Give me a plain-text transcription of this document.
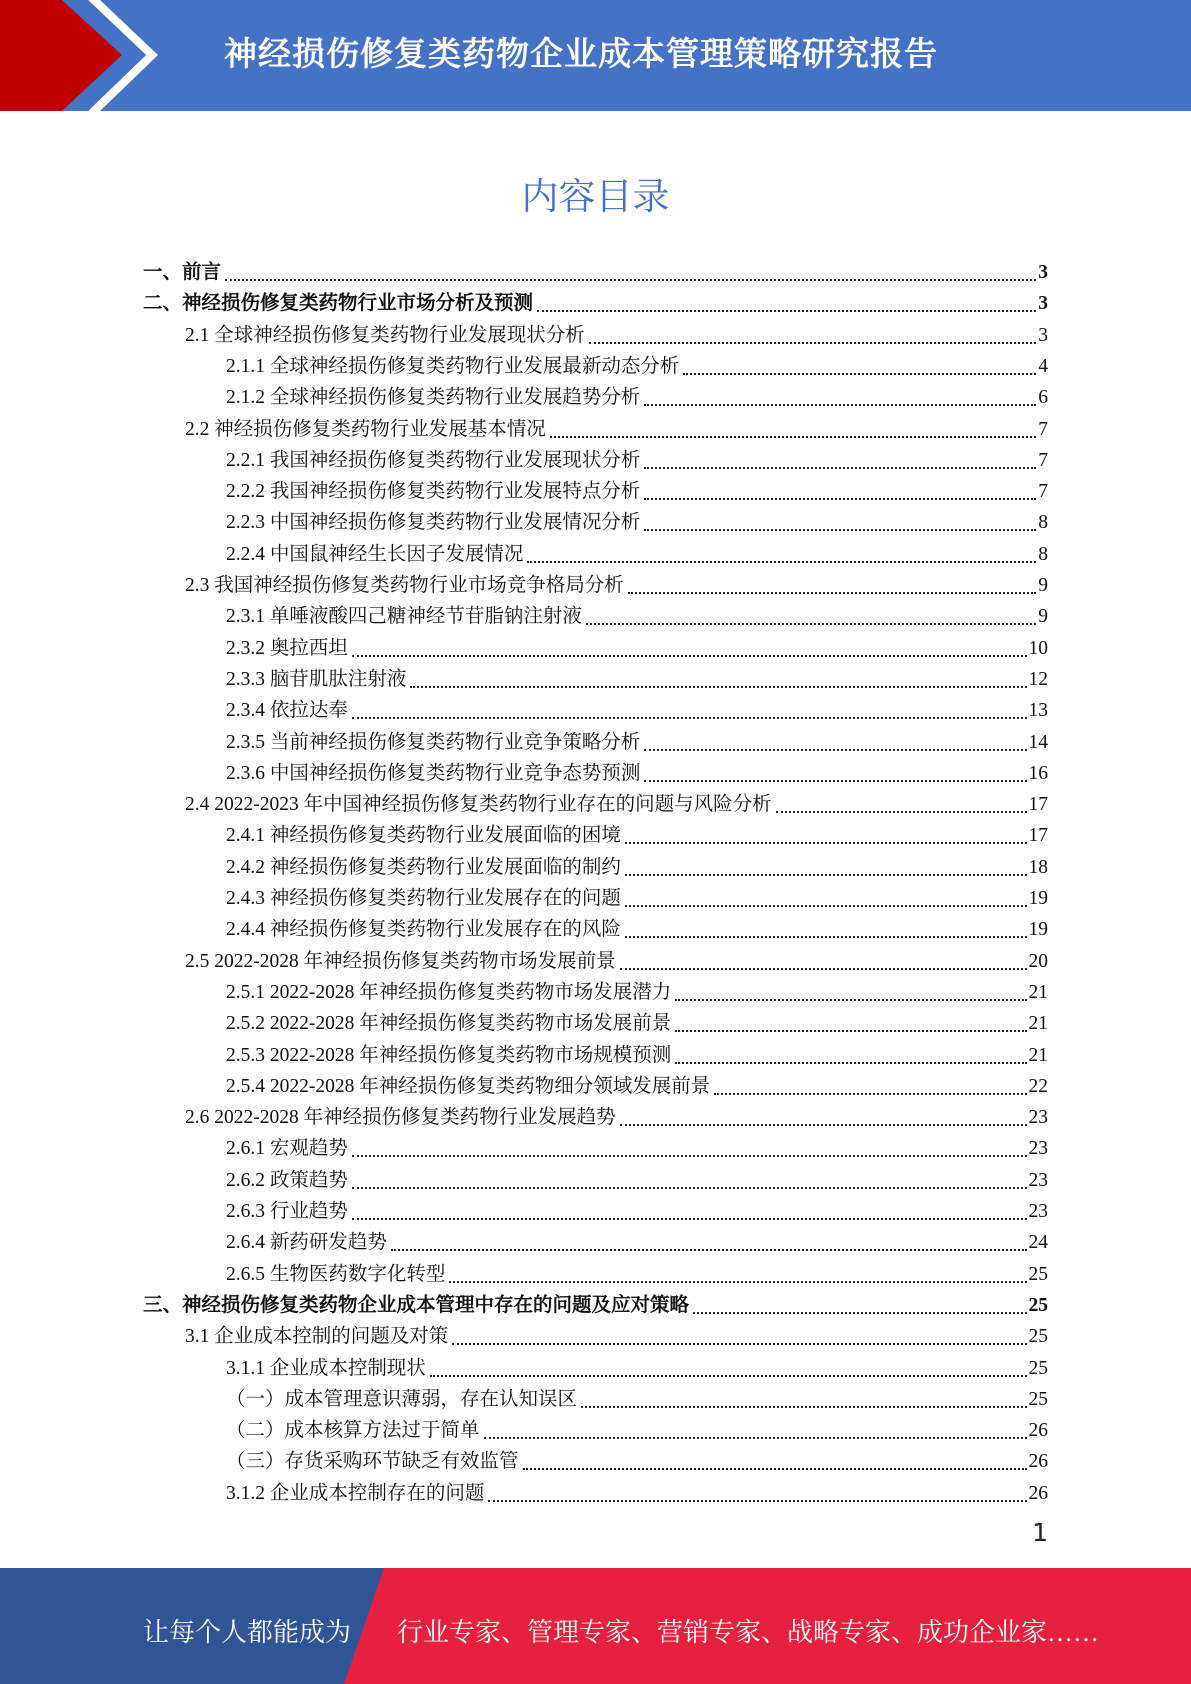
神经损伤修复类药物企业成本管理策略研究报告
内容目录
一、前言	3
二、神经损伤修复类药物行业市场分析及预测	3
2.1 全球神经损伤修复类药物行业发展现状分析	3
2.1.1 全球神经损伤修复类药物行业发展最新动态分析	4
2.1.2 全球神经损伤修复类药物行业发展趋势分析	6
2.2 神经损伤修复类药物行业发展基本情况	7
2.2.1 我国神经损伤修复类药物行业发展现状分析	7
2.2.2 我国神经损伤修复类药物行业发展特点分析	7
2.2.3 中国神经损伤修复类药物行业发展情况分析	8
2.2.4 中国鼠神经生长因子发展情况	8
2.3 我国神经损伤修复类药物行业市场竞争格局分析	9
2.3.1 单唾液酸四己糖神经节苷脂钠注射液	9
2.3.2 奥拉西坦	10
2.3.3 脑苷肌肽注射液	12
2.3.4 依拉达奉	13
2.3.5 当前神经损伤修复类药物行业竞争策略分析	14
2.3.6 中国神经损伤修复类药物行业竞争态势预测	16
2.4 2022-2023 年中国神经损伤修复类药物行业存在的问题与风险分析	17
2.4.1 神经损伤修复类药物行业发展面临的困境	17
2.4.2 神经损伤修复类药物行业发展面临的制约	18
2.4.3 神经损伤修复类药物行业发展存在的问题	19
2.4.4 神经损伤修复类药物行业发展存在的风险	19
2.5 2022-2028 年神经损伤修复类药物市场发展前景	20
2.5.1 2022-2028 年神经损伤修复类药物市场发展潜力	21
2.5.2 2022-2028 年神经损伤修复类药物市场发展前景	21
2.5.3 2022-2028 年神经损伤修复类药物市场规模预测	21
2.5.4 2022-2028 年神经损伤修复类药物细分领域发展前景	22
2.6 2022-2028 年神经损伤修复类药物行业发展趋势	23
2.6.1 宏观趋势	23
2.6.2 政策趋势	23
2.6.3 行业趋势	23
2.6.4 新药研发趋势	24
2.6.5 生物医药数字化转型	25
三、神经损伤修复类药物企业成本管理中存在的问题及应对策略	25
3.1 企业成本控制的问题及对策	25
3.1.1 企业成本控制现状	25
（一）成本管理意识薄弱，存在认知误区	25
（二）成本核算方法过于简单	26
（三）存货采购环节缺乏有效监管	26
3.1.2 企业成本控制存在的问题	26
1
让每个人都能成为 行业专家、管理专家、营销专家、战略专家、成功企业家……
